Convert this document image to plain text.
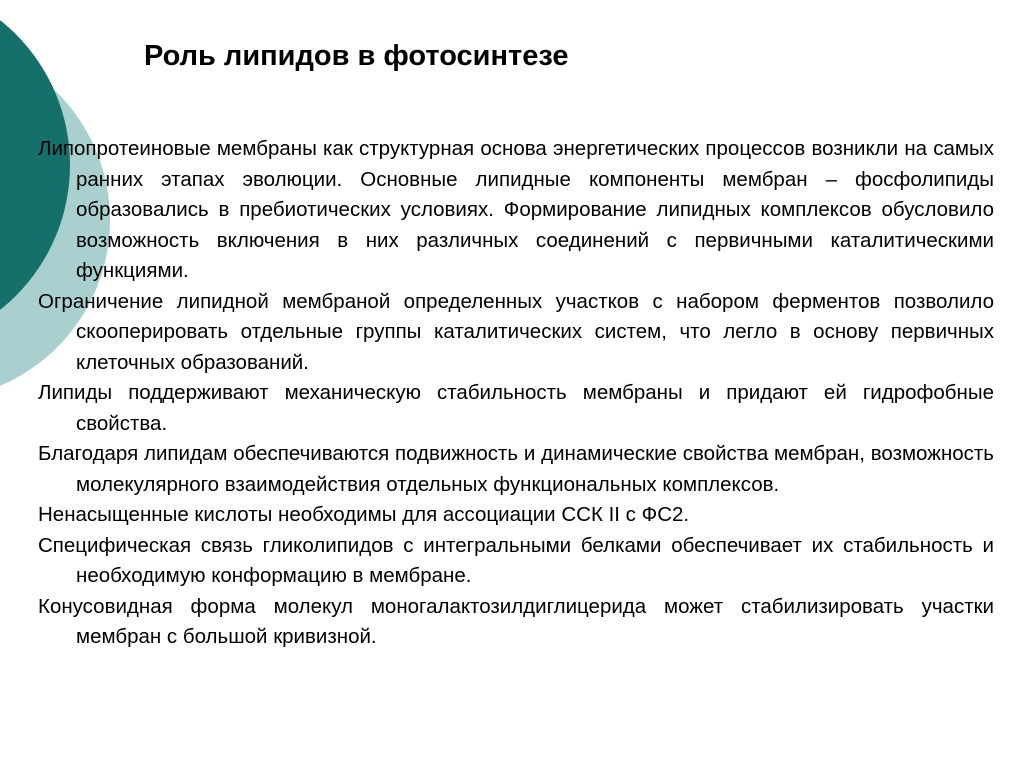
Роль липидов в фотосинтезе
Липопротеиновые мембраны как структурная основа энергетических процессов возникли на самых ранних этапах эволюции. Основные липидные компоненты мембран – фосфолипиды образовались в пребиотических условиях. Формирование липидных комплексов обусловило возможность включения в них различных соединений с первичными каталитическими функциями.
Ограничение липидной мембраной определенных участков с набором ферментов позволило скооперировать отдельные группы каталитических систем, что легло в основу первичных клеточных образований.
Липиды поддерживают механическую стабильность мембраны и придают ей гидрофобные свойства.
Благодаря липидам обеспечиваются подвижность и динамические свойства мембран, возможность молекулярного взаимодействия отдельных функциональных комплексов.
Ненасыщенные кислоты необходимы для ассоциации ССК II с ФС2.
Специфическая связь гликолипидов с интегральными белками обеспечивает их стабильность и необходимую конформацию в мембране.
Конусовидная форма молекул моногалактозилдиглицерида может стабилизировать участки мембран с большой кривизной.
